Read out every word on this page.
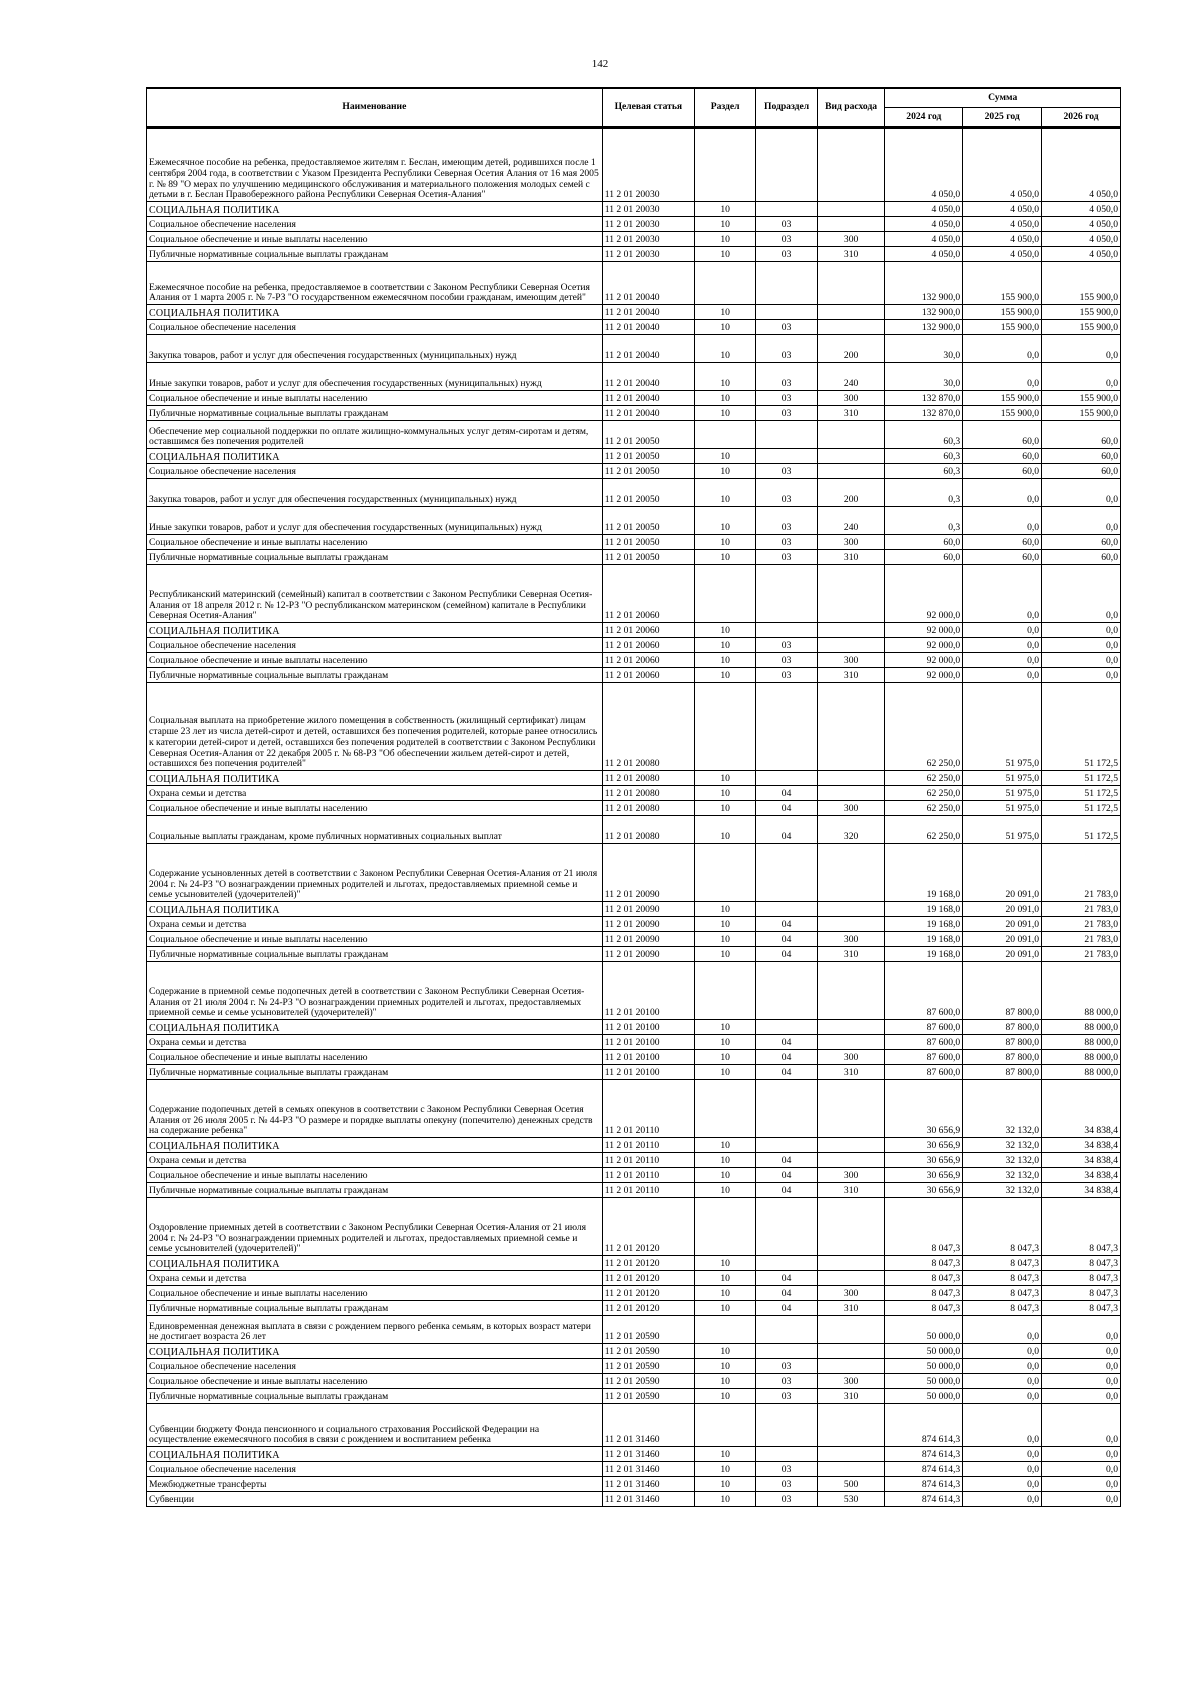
142
Наименование	Целевая статья	Раздел	Подраздел	Вид расхода	Сумма		
					2024 год	2025 год	2026 год
Ежемесячное пособие на ребенка, предоставляемое жителям г. Беслан, имеющим детей, родившихся после 1 сентября 2004 года, в соответствии с Указом Президента Республики Северная Осетия Алания от 16 мая 2005 г. № 89 "О мерах по улучшению медицинского обслуживания и материального положения молодых семей с детьми в г. Беслан Правобережного района Республики Северная Осетия-Алания"	11 2 01 20030				4 050,0	4 050,0	4 050,0
СОЦИАЛЬНАЯ ПОЛИТИКА	11 2 01 20030	10			4 050,0	4 050,0	4 050,0
Социальное обеспечение населения	11 2 01 20030	10	03		4 050,0	4 050,0	4 050,0
Социальное обеспечение и иные выплаты населению	11 2 01 20030	10	03	300	4 050,0	4 050,0	4 050,0
Публичные нормативные социальные выплаты гражданам	11 2 01 20030	10	03	310	4 050,0	4 050,0	4 050,0
Ежемесячное пособие на ребенка, предоставляемое в соответствии с Законом Республики Северная Осетия Алания от 1 марта 2005 г. № 7-РЗ "О государственном ежемесячном пособии гражданам, имеющим детей"	11 2 01 20040				132 900,0	155 900,0	155 900,0
СОЦИАЛЬНАЯ ПОЛИТИКА	11 2 01 20040	10			132 900,0	155 900,0	155 900,0
Социальное обеспечение населения	11 2 01 20040	10	03		132 900,0	155 900,0	155 900,0
Закупка товаров, работ и услуг для обеспечения государственных (муниципальных) нужд	11 2 01 20040	10	03	200	30,0	0,0	0,0
Иные закупки товаров, работ и услуг для обеспечения государственных (муниципальных) нужд	11 2 01 20040	10	03	240	30,0	0,0	0,0
Социальное обеспечение и иные выплаты населению	11 2 01 20040	10	03	300	132 870,0	155 900,0	155 900,0
Публичные нормативные социальные выплаты гражданам	11 2 01 20040	10	03	310	132 870,0	155 900,0	155 900,0
Обеспечение мер социальной поддержки по оплате жилищно-коммунальных услуг детям-сиротам и детям, оставшимся без попечения родителей	11 2 01 20050				60,3	60,0	60,0
СОЦИАЛЬНАЯ ПОЛИТИКА	11 2 01 20050	10			60,3	60,0	60,0
Социальное обеспечение населения	11 2 01 20050	10	03		60,3	60,0	60,0
Закупка товаров, работ и услуг для обеспечения государственных (муниципальных) нужд	11 2 01 20050	10	03	200	0,3	0,0	0,0
Иные закупки товаров, работ и услуг для обеспечения государственных (муниципальных) нужд	11 2 01 20050	10	03	240	0,3	0,0	0,0
Социальное обеспечение и иные выплаты населению	11 2 01 20050	10	03	300	60,0	60,0	60,0
Публичные нормативные социальные выплаты гражданам	11 2 01 20050	10	03	310	60,0	60,0	60,0
Республиканский материнский (семейный) капитал в соответствии с Законом Республики Северная Осетия-Алания от 18 апреля 2012 г. № 12-РЗ "О республиканском материнском (семейном) капитале в Республики Северная Осетия-Алания"	11 2 01 20060				92 000,0	0,0	0,0
СОЦИАЛЬНАЯ ПОЛИТИКА	11 2 01 20060	10			92 000,0	0,0	0,0
Социальное обеспечение населения	11 2 01 20060	10	03		92 000,0	0,0	0,0
Социальное обеспечение и иные выплаты населению	11 2 01 20060	10	03	300	92 000,0	0,0	0,0
Публичные нормативные социальные выплаты гражданам	11 2 01 20060	10	03	310	92 000,0	0,0	0,0
Социальная выплата на приобретение жилого помещения в собственность (жилищный сертификат) лицам старше 23 лет из числа детей-сирот и детей, оставшихся без попечения родителей, которые ранее относились к категории детей-сирот и детей, оставшихся без попечения родителей в соответствии с Законом Республики Северная Осетия-Алания от 22 декабря 2005 г. № 68-РЗ "Об обеспечении жильем детей-сирот и детей, оставшихся без попечения родителей"	11 2 01 20080				62 250,0	51 975,0	51 172,5
СОЦИАЛЬНАЯ ПОЛИТИКА	11 2 01 20080	10			62 250,0	51 975,0	51 172,5
Охрана семьи и детства	11 2 01 20080	10	04		62 250,0	51 975,0	51 172,5
Социальное обеспечение и иные выплаты населению	11 2 01 20080	10	04	300	62 250,0	51 975,0	51 172,5
Социальные выплаты гражданам, кроме публичных нормативных социальных выплат	11 2 01 20080	10	04	320	62 250,0	51 975,0	51 172,5
Содержание усыновленных детей в соответствии с Законом Республики Северная Осетия-Алания от 21 июля 2004 г. № 24-РЗ "О вознаграждении приемных родителей и льготах, предоставляемых приемной семье и семье усыновителей (удочерителей)"	11 2 01 20090				19 168,0	20 091,0	21 783,0
СОЦИАЛЬНАЯ ПОЛИТИКА	11 2 01 20090	10			19 168,0	20 091,0	21 783,0
Охрана семьи и детства	11 2 01 20090	10	04		19 168,0	20 091,0	21 783,0
Социальное обеспечение и иные выплаты населению	11 2 01 20090	10	04	300	19 168,0	20 091,0	21 783,0
Публичные нормативные социальные выплаты гражданам	11 2 01 20090	10	04	310	19 168,0	20 091,0	21 783,0
Содержание в приемной семье подопечных детей в соответствии с Законом Республики Северная Осетия-Алания от 21 июля 2004 г. № 24-РЗ "О вознаграждении приемных родителей и льготах, предоставляемых приемной семье и семье усыновителей (удочерителей)"	11 2 01 20100				87 600,0	87 800,0	88 000,0
СОЦИАЛЬНАЯ ПОЛИТИКА	11 2 01 20100	10			87 600,0	87 800,0	88 000,0
Охрана семьи и детства	11 2 01 20100	10	04		87 600,0	87 800,0	88 000,0
Социальное обеспечение и иные выплаты населению	11 2 01 20100	10	04	300	87 600,0	87 800,0	88 000,0
Публичные нормативные социальные выплаты гражданам	11 2 01 20100	10	04	310	87 600,0	87 800,0	88 000,0
Содержание подопечных детей в семьях опекунов в соответствии с Законом Республики Северная Осетия Алания от 26 июля 2005 г. № 44-РЗ "О размере и порядке выплаты опекуну (попечителю) денежных средств на содержание ребенка"	11 2 01 20110				30 656,9	32 132,0	34 838,4
СОЦИАЛЬНАЯ ПОЛИТИКА	11 2 01 20110	10			30 656,9	32 132,0	34 838,4
Охрана семьи и детства	11 2 01 20110	10	04		30 656,9	32 132,0	34 838,4
Социальное обеспечение и иные выплаты населению	11 2 01 20110	10	04	300	30 656,9	32 132,0	34 838,4
Публичные нормативные социальные выплаты гражданам	11 2 01 20110	10	04	310	30 656,9	32 132,0	34 838,4
Оздоровление приемных детей в соответствии с Законом Республики Северная Осетия-Алания от 21 июля 2004 г. № 24-РЗ "О вознаграждении приемных родителей и льготах, предоставляемых приемной семье и семье усыновителей (удочерителей)"	11 2 01 20120				8 047,3	8 047,3	8 047,3
СОЦИАЛЬНАЯ ПОЛИТИКА	11 2 01 20120	10			8 047,3	8 047,3	8 047,3
Охрана семьи и детства	11 2 01 20120	10	04		8 047,3	8 047,3	8 047,3
Социальное обеспечение и иные выплаты населению	11 2 01 20120	10	04	300	8 047,3	8 047,3	8 047,3
Публичные нормативные социальные выплаты гражданам	11 2 01 20120	10	04	310	8 047,3	8 047,3	8 047,3
Единовременная денежная выплата в связи с рождением первого ребенка семьям, в которых возраст матери не достигает возраста 26 лет	11 2 01 20590				50 000,0	0,0	0,0
СОЦИАЛЬНАЯ ПОЛИТИКА	11 2 01 20590	10			50 000,0	0,0	0,0
Социальное обеспечение населения	11 2 01 20590	10	03		50 000,0	0,0	0,0
Социальное обеспечение и иные выплаты населению	11 2 01 20590	10	03	300	50 000,0	0,0	0,0
Публичные нормативные социальные выплаты гражданам	11 2 01 20590	10	03	310	50 000,0	0,0	0,0
Субвенции бюджету Фонда пенсионного и социального страхования Российской Федерации на осуществление ежемесячного пособия в связи с рождением и воспитанием ребенка	11 2 01 31460				874 614,3	0,0	0,0
СОЦИАЛЬНАЯ ПОЛИТИКА	11 2 01 31460	10			874 614,3	0,0	0,0
Социальное обеспечение населения	11 2 01 31460	10	03		874 614,3	0,0	0,0
Межбюджетные трансферты	11 2 01 31460	10	03	500	874 614,3	0,0	0,0
Субвенции	11 2 01 31460	10	03	530	874 614,3	0,0	0,0
